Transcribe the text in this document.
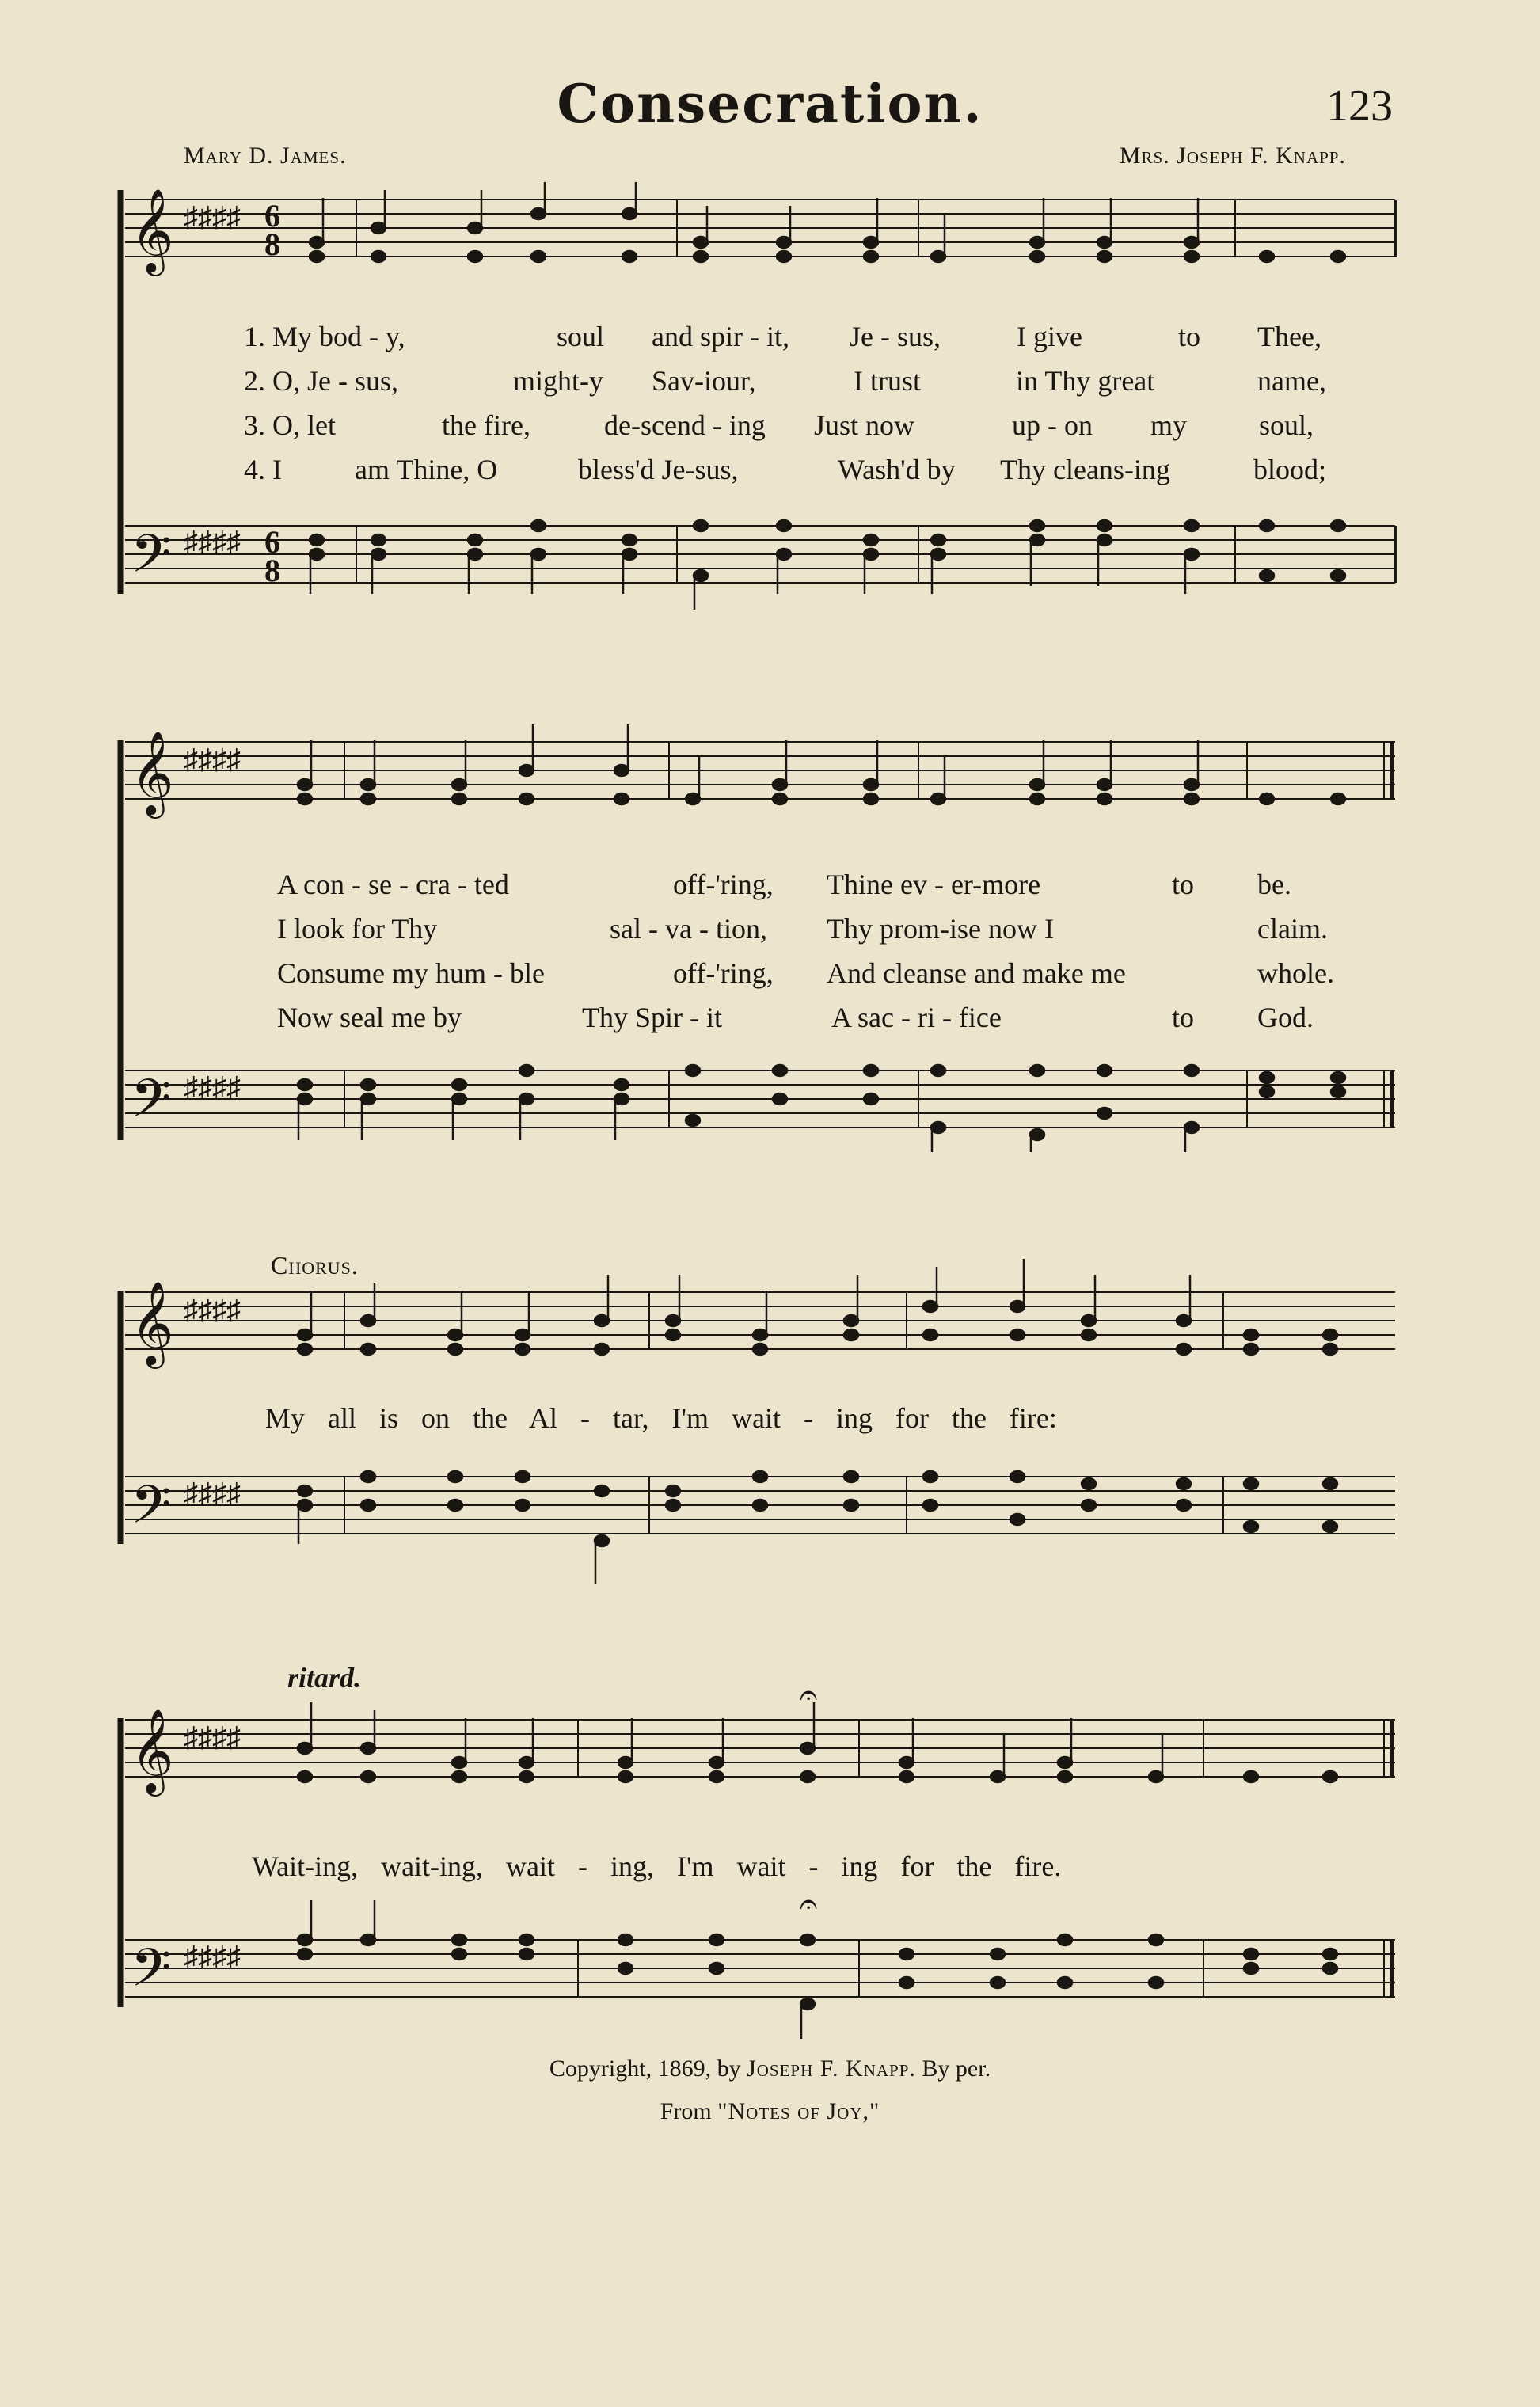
Consecration.	123
Mary D. James.	Mrs. Joseph F. Knapp.
𝄞
𝄢
♯♯♯♯
♯♯♯♯
6
8
6
8
1. My bod - y,	soul and spir - it, Je - sus,	I give	to Thee,
2. O, Je - sus,	might-y Sav-iour,	I trust	in Thy great	name,
3. O, let	the fire,	de-scend - ing Just now	up - on my	soul,
4. I	am Thine, O	bless'd Je-sus,	Wash'd by Thy cleans-ing	blood;
𝄞
𝄢
♯♯♯♯
♯♯♯♯
A con - se - cra - ted	off-'ring, Thine ev - er-more	to be.
I look for Thy	sal - va - tion, Thy prom-ise now I	claim.
Consume my hum - ble	off-'ring, And cleanse and make me	whole.
Now seal me by	Thy Spir - it	A sac - ri - fice	to God.
Chorus.
𝄞
𝄢
♯♯♯♯
♯♯♯♯
My all is on the Al - tar, I'm wait - ing for the fire:
ritard.
𝄞
𝄢
♯♯♯♯
♯♯♯♯
𝄐
𝄐
Wait-ing, wait-ing, wait - ing, I'm wait - ing for the fire.
Copyright, 1869, by Joseph F. Knapp. By per.
From "Notes of Joy,"
